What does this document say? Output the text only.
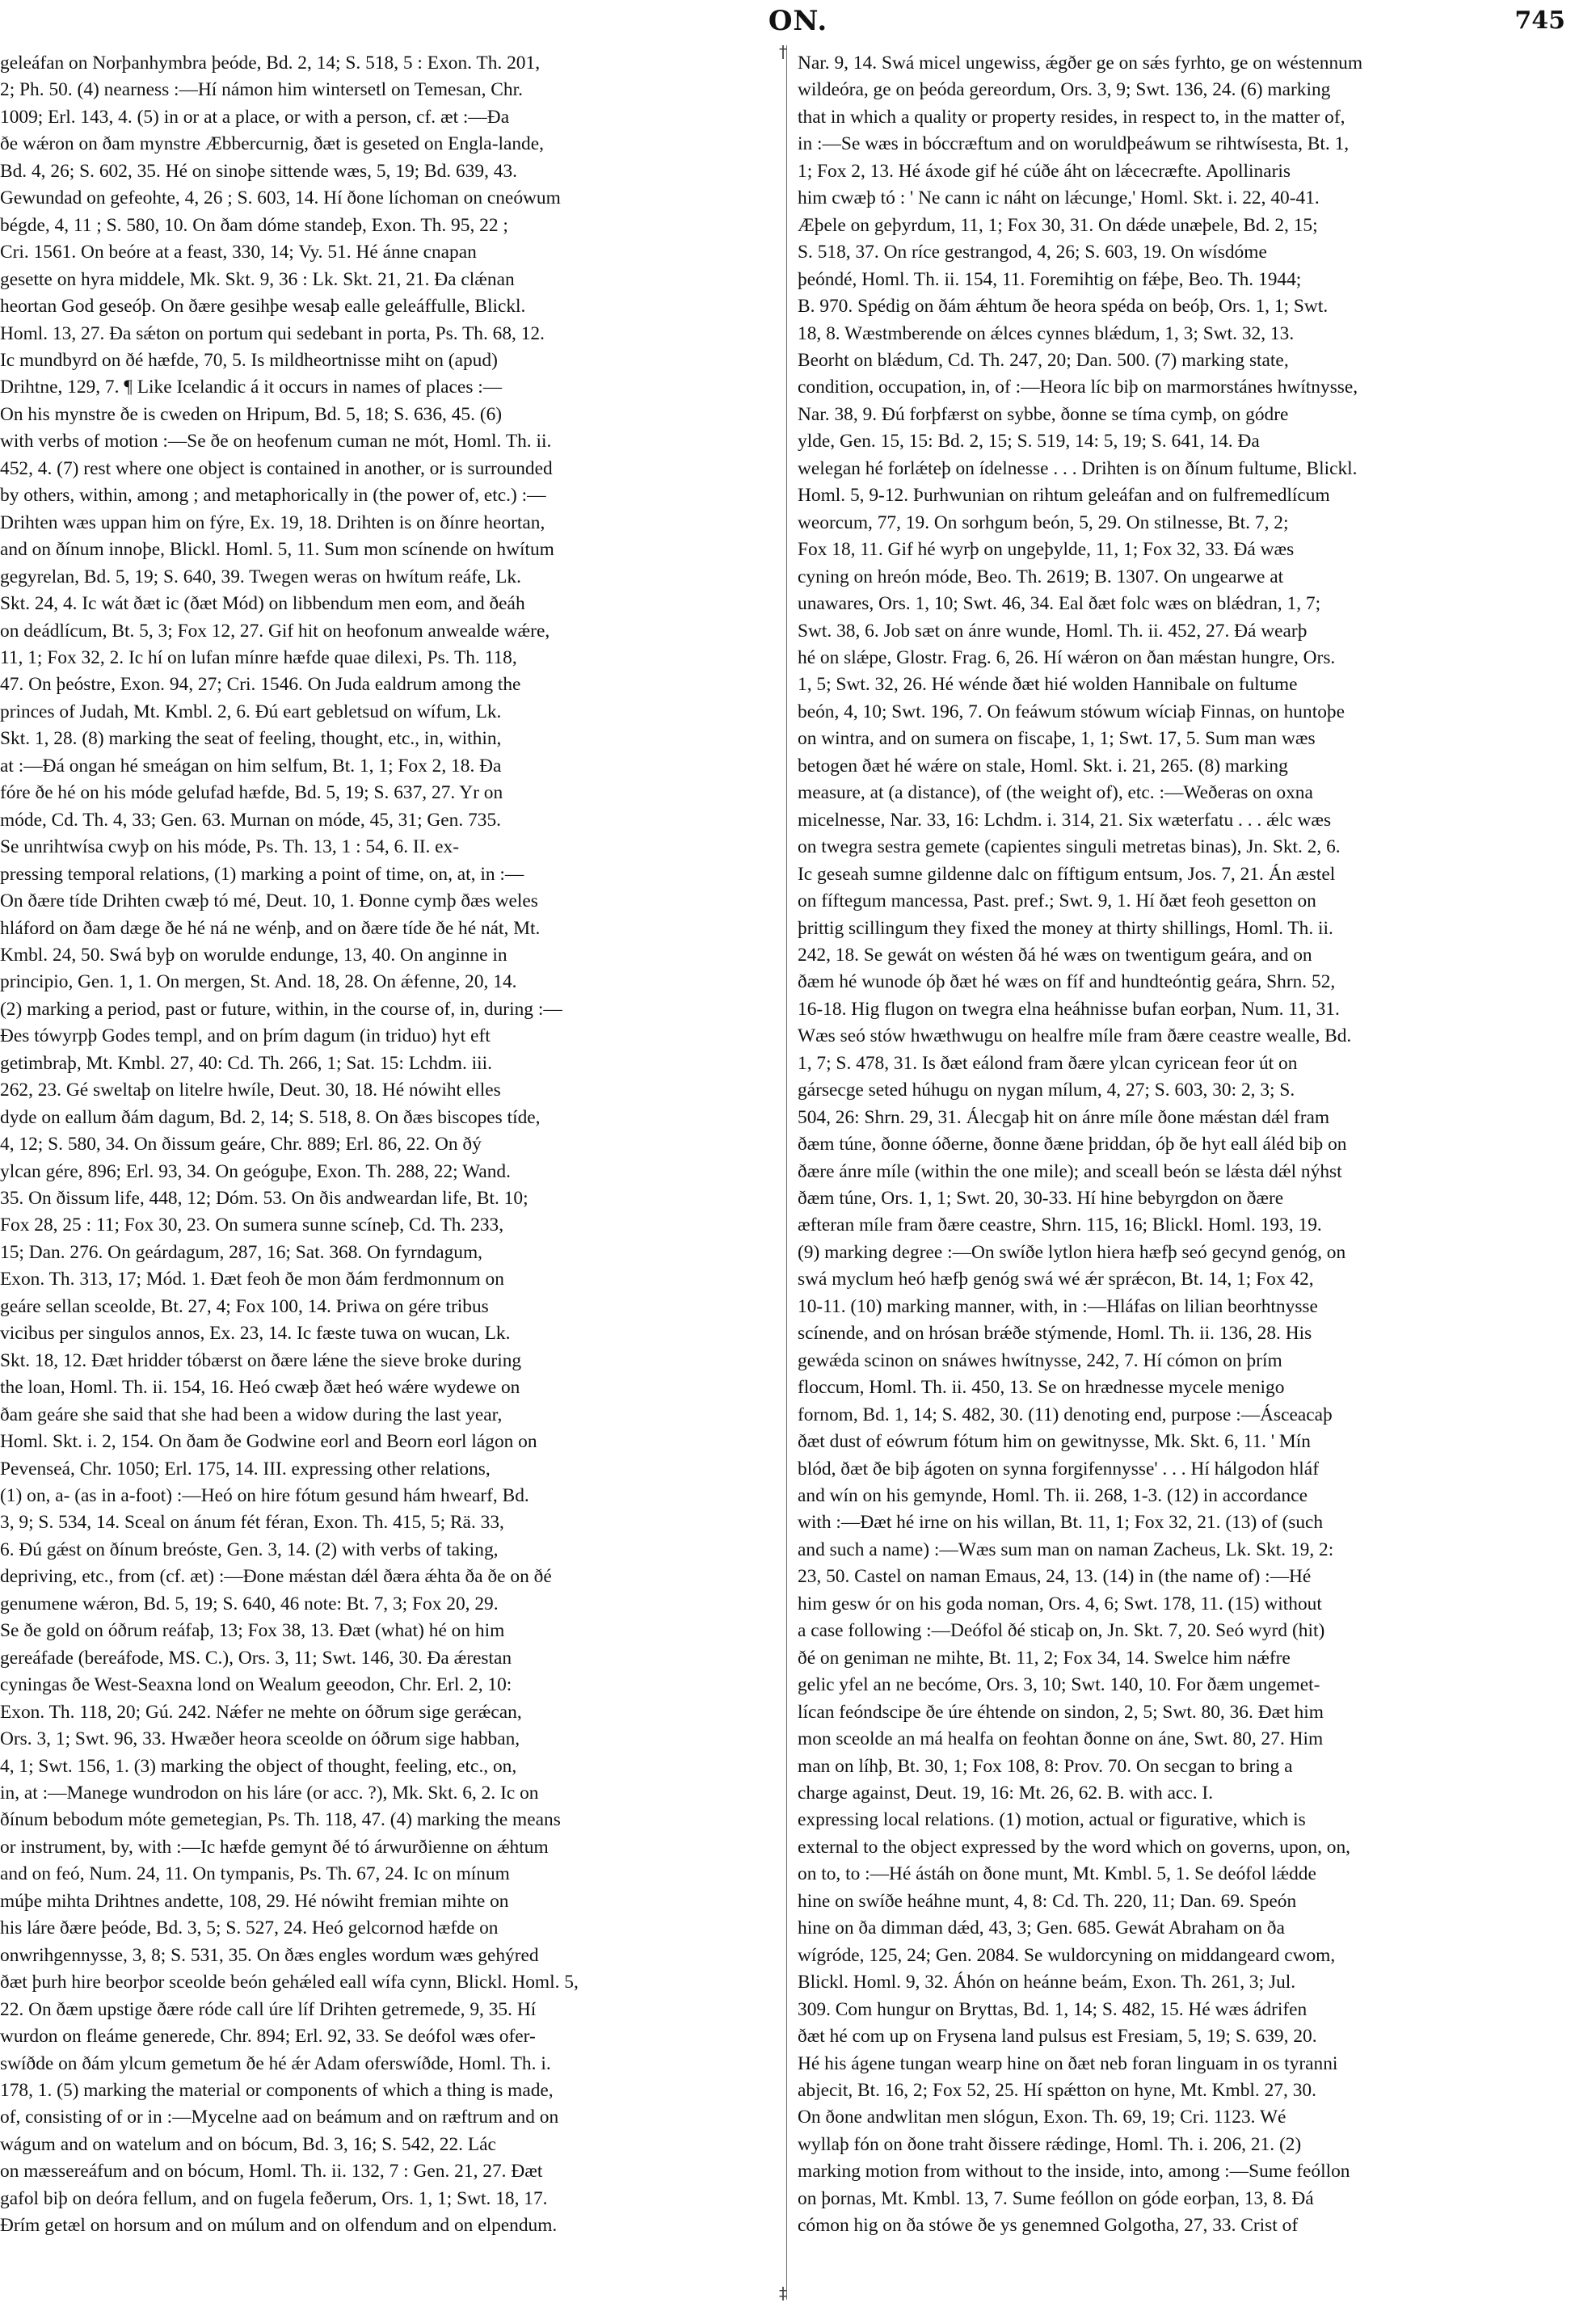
ON.	745
geleáfan on Norþanhymbra þeóde, Bd. 2, 14; S. 518, 5 : Exon. Th. 201,
2; Ph. 50. (4) nearness :—Hí námon him wintersetl on Temesan, Chr.
1009; Erl. 143, 4. (5) in or at a place, or with a person, cf. æt :—Ða
ðe wǽron on ðam mynstre Æbbercurnig, ðæt is geseted on Engla-lande,
Bd. 4, 26; S. 602, 35. Hé on sinoþe sittende wæs, 5, 19; Bd. 639, 43.
Gewundad on gefeohte, 4, 26 ; S. 603, 14. Hí ðone líchoman on cneówum
bégde, 4, 11 ; S. 580, 10. On ðam dóme standeþ, Exon. Th. 95, 22 ;
Cri. 1561. On beóre at a feast, 330, 14; Vy. 51. Hé ánne cnapan
gesette on hyra middele, Mk. Skt. 9, 36 : Lk. Skt. 21, 21. Ða clǽnan
heortan God geseóþ. On ðære gesihþe wesaþ ealle geleáffulle, Blickl.
Homl. 13, 27. Ða sǽton on portum qui sedebant in porta, Ps. Th. 68, 12.
Ic mundbyrd on ðé hæfde, 70, 5. Is mildheortnisse miht on (apud)
Drihtne, 129, 7. ¶ Like Icelandic á it occurs in names of places :—
On his mynstre ðe is cweden on Hripum, Bd. 5, 18; S. 636, 45. (6)
with verbs of motion :—Se ðe on heofenum cuman ne mót, Homl. Th. ii.
452, 4. (7) rest where one object is contained in another, or is surrounded
by others, within, among ; and metaphorically in (the power of, etc.) :—
Drihten wæs uppan him on fýre, Ex. 19, 18. Drihten is on ðínre heortan,
and on ðínum innoþe, Blickl. Homl. 5, 11. Sum mon scínende on hwítum
gegyrelan, Bd. 5, 19; S. 640, 39. Twegen weras on hwítum reáfe, Lk.
Skt. 24, 4. Ic wát ðæt ic (ðæt Mód) on libbendum men eom, and ðeáh
on deádlícum, Bt. 5, 3; Fox 12, 27. Gif hit on heofonum anwealde wǽre,
11, 1; Fox 32, 2. Ic hí on lufan mínre hæfde quae dilexi, Ps. Th. 118,
47. On þeóstre, Exon. 94, 27; Cri. 1546. On Juda ealdrum among the
princes of Judah, Mt. Kmbl. 2, 6. Ðú eart gebletsud on wífum, Lk.
Skt. 1, 28. (8) marking the seat of feeling, thought, etc., in, within,
at :—Ðá ongan hé smeágan on him selfum, Bt. 1, 1; Fox 2, 18. Ða
fóre ðe hé on his móde gelufad hæfde, Bd. 5, 19; S. 637, 27. Yr on
móde, Cd. Th. 4, 33; Gen. 63. Murnan on móde, 45, 31; Gen. 735.
Se unrihtwísa cwyþ on his móde, Ps. Th. 13, 1 : 54, 6. II. ex-
pressing temporal relations, (1) marking a point of time, on, at, in :—
On ðære tíde Drihten cwæþ tó mé, Deut. 10, 1. Ðonne cymþ ðæs weles
hláford on ðam dæge ðe hé ná ne wénþ, and on ðære tíde ðe hé nát, Mt.
Kmbl. 24, 50. Swá byþ on worulde endunge, 13, 40. On anginne in
principio, Gen. 1, 1. On mergen, St. And. 18, 28. On ǽfenne, 20, 14.
(2) marking a period, past or future, within, in the course of, in, during :—
Ðes tówyrpþ Godes templ, and on þrím dagum (in triduo) hyt eft
getimbraþ, Mt. Kmbl. 27, 40: Cd. Th. 266, 1; Sat. 15: Lchdm. iii.
262, 23. Gé sweltaþ on litelre hwíle, Deut. 30, 18. Hé nówiht elles
dyde on eallum ðám dagum, Bd. 2, 14; S. 518, 8. On ðæs biscopes tíde,
4, 12; S. 580, 34. On ðissum geáre, Chr. 889; Erl. 86, 22. On ðý
ylcan gére, 896; Erl. 93, 34. On geóguþe, Exon. Th. 288, 22; Wand.
35. On ðissum life, 448, 12; Dóm. 53. On ðis andweardan life, Bt. 10;
Fox 28, 25 : 11; Fox 30, 23. On sumera sunne scíneþ, Cd. Th. 233,
15; Dan. 276. On geárdagum, 287, 16; Sat. 368. On fyrndagum,
Exon. Th. 313, 17; Mód. 1. Ðæt feoh ðe mon ðám ferdmonnum on
geáre sellan sceolde, Bt. 27, 4; Fox 100, 14. Þriwa on gére tribus
vicibus per singulos annos, Ex. 23, 14. Ic fæste tuwa on wucan, Lk.
Skt. 18, 12. Ðæt hridder tóbærst on ðære lǽne the sieve broke during
the loan, Homl. Th. ii. 154, 16. Heó cwæþ ðæt heó wǽre wydewe on
ðam geáre she said that she had been a widow during the last year,
Homl. Skt. i. 2, 154. On ðam ðe Godwine eorl and Beorn eorl lágon on
Pevenseá, Chr. 1050; Erl. 175, 14. III. expressing other relations,
(1) on, a- (as in a-foot) :—Heó on hire fótum gesund hám hwearf, Bd.
3, 9; S. 534, 14. Sceal on ánum fét féran, Exon. Th. 415, 5; Rä. 33,
6. Ðú gǽst on ðínum breóste, Gen. 3, 14. (2) with verbs of taking,
depriving, etc., from (cf. æt) :—Ðone mǽstan dǽl ðæra ǽhta ða ðe on ðé
genumene wǽron, Bd. 5, 19; S. 640, 46 note: Bt. 7, 3; Fox 20, 29.
Se ðe gold on óðrum reáfaþ, 13; Fox 38, 13. Ðæt (what) hé on him
gereáfade (bereáfode, MS. C.), Ors. 3, 11; Swt. 146, 30. Ða ǽrestan
cyningas ðe West-Seaxna lond on Wealum geeodon, Chr. Erl. 2, 10:
Exon. Th. 118, 20; Gú. 242. Nǽfer ne mehte on óðrum sige gerǽcan,
Ors. 3, 1; Swt. 96, 33. Hwæðer heora sceolde on óðrum sige habban,
4, 1; Swt. 156, 1. (3) marking the object of thought, feeling, etc., on,
in, at :—Manege wundrodon on his láre (or acc. ?), Mk. Skt. 6, 2. Ic on
ðínum bebodum móte gemetegian, Ps. Th. 118, 47. (4) marking the means
or instrument, by, with :—Ic hæfde gemynt ðé tó árwurðienne on ǽhtum
and on feó, Num. 24, 11. On tympanis, Ps. Th. 67, 24. Ic on mínum
múþe mihta Drihtnes andette, 108, 29. Hé nówiht fremian mihte on
his láre ðære þeóde, Bd. 3, 5; S. 527, 24. Heó gelcornod hæfde on
onwrihgennysse, 3, 8; S. 531, 35. On ðæs engles wordum wæs gehýred
ðæt þurh hire beorþor sceolde beón gehǽled eall wífa cynn, Blickl. Homl. 5,
22. On ðæm upstige ðære róde call úre líf Drihten getremede, 9, 35. Hí
wurdon on fleáme generede, Chr. 894; Erl. 92, 33. Se deófol wæs ofer-
swíðde on ðám ylcum gemetum ðe hé ǽr Adam oferswíðde, Homl. Th. i.
178, 1. (5) marking the material or components of which a thing is made,
of, consisting of or in :—Mycelne aad on beámum and on ræftrum and on
wágum and on watelum and on bócum, Bd. 3, 16; S. 542, 22. Lác
on mæssereáfum and on bócum, Homl. Th. ii. 132, 7 : Gen. 21, 27. Ðæt
gafol biþ on deóra fellum, and on fugela feðerum, Ors. 1, 1; Swt. 18, 17.
Ðrím getæl on horsum and on múlum and on olfendum and on elpendum.
†
‡
Nar. 9, 14. Swá micel ungewiss, ǽgðer ge on sǽs fyrhto, ge on wéstennum
wildeóra, ge on þeóda gereordum, Ors. 3, 9; Swt. 136, 24. (6) marking
that in which a quality or property resides, in respect to, in the matter of,
in :—Se wæs in bóccræftum and on woruldþeáwum se rihtwísesta, Bt. 1,
1; Fox 2, 13. Hé áxode gif hé cúðe áht on lǽcecræfte. Apollinaris
him cwæþ tó : ' Ne cann ic náht on lǽcunge,' Homl. Skt. i. 22, 40-41.
Æþele on geþyrdum, 11, 1; Fox 30, 31. On dǽde unæþele, Bd. 2, 15;
S. 518, 37. On ríce gestrangod, 4, 26; S. 603, 19. On wísdóme
þeóndé, Homl. Th. ii. 154, 11. Foremihtig on fǽþe, Beo. Th. 1944;
B. 970. Spédig on ðám ǽhtum ðe heora spéda on beóþ, Ors. 1, 1; Swt.
18, 8. Wæstmberende on ǽlces cynnes blǽdum, 1, 3; Swt. 32, 13.
Beorht on blǽdum, Cd. Th. 247, 20; Dan. 500. (7) marking state,
condition, occupation, in, of :—Heora líc biþ on marmorstánes hwítnysse,
Nar. 38, 9. Ðú forþfærst on sybbe, ðonne se tíma cymþ, on gódre
ylde, Gen. 15, 15: Bd. 2, 15; S. 519, 14: 5, 19; S. 641, 14. Ða
welegan hé forlǽteþ on ídelnesse . . . Drihten is on ðínum fultume, Blickl.
Homl. 5, 9-12. Þurhwunian on rihtum geleáfan and on fulfremedlícum
weorcum, 77, 19. On sorhgum beón, 5, 29. On stilnesse, Bt. 7, 2;
Fox 18, 11. Gif hé wyrþ on ungeþylde, 11, 1; Fox 32, 33. Ðá wæs
cyning on hreón móde, Beo. Th. 2619; B. 1307. On ungearwe at
unawares, Ors. 1, 10; Swt. 46, 34. Eal ðæt folc wæs on blǽdran, 1, 7;
Swt. 38, 6. Job sæt on ánre wunde, Homl. Th. ii. 452, 27. Ðá wearþ
hé on slǽpe, Glostr. Frag. 6, 26. Hí wǽron on ðan mǽstan hungre, Ors.
1, 5; Swt. 32, 26. Hé wénde ðæt hié wolden Hannibale on fultume
beón, 4, 10; Swt. 196, 7. On feáwum stówum wíciaþ Finnas, on huntoþe
on wintra, and on sumera on fiscaþe, 1, 1; Swt. 17, 5. Sum man wæs
betogen ðæt hé wǽre on stale, Homl. Skt. i. 21, 265. (8) marking
measure, at (a distance), of (the weight of), etc. :—Weðeras on oxna
micelnesse, Nar. 33, 16: Lchdm. i. 314, 21. Six wæterfatu . . . ǽlc wæs
on twegra sestra gemete (capientes singuli metretas binas), Jn. Skt. 2, 6.
Ic geseah sumne gildenne dalc on fíftigum entsum, Jos. 7, 21. Án æstel
on fíftegum mancessa, Past. pref.; Swt. 9, 1. Hí ðæt feoh gesetton on
þrittig scillingum they fixed the money at thirty shillings, Homl. Th. ii.
242, 18. Se gewát on wésten ðá hé wæs on twentigum geára, and on
ðæm hé wunode óþ ðæt hé wæs on fíf and hundteóntig geára, Shrn. 52,
16-18. Hig flugon on twegra elna heáhnisse bufan eorþan, Num. 11, 31.
Wæs seó stów hwæthwugu on healfre míle fram ðære ceastre wealle, Bd.
1, 7; S. 478, 31. Is ðæt eálond fram ðære ylcan cyricean feor út on
gársecge seted húhugu on nygan mílum, 4, 27; S. 603, 30: 2, 3; S.
504, 26: Shrn. 29, 31. Álecgaþ hit on ánre míle ðone mǽstan dǽl fram
ðæm túne, ðonne óðerne, ðonne ðæne þriddan, óþ ðe hyt eall áléd biþ on
ðære ánre míle (within the one mile); and sceall beón se lǽsta dǽl nýhst
ðæm túne, Ors. 1, 1; Swt. 20, 30-33. Hí hine bebyrgdon on ðære
æfteran míle fram ðære ceastre, Shrn. 115, 16; Blickl. Homl. 193, 19.
(9) marking degree :—On swíðe lytlon hiera hæfþ seó gecynd genóg, on
swá myclum heó hæfþ genóg swá wé ǽr sprǽcon, Bt. 14, 1; Fox 42,
10-11. (10) marking manner, with, in :—Hláfas on lilian beorhtnysse
scínende, and on hrósan brǽðe stýmende, Homl. Th. ii. 136, 28. His
gewǽda scinon on snáwes hwítnysse, 242, 7. Hí cómon on þrím
floccum, Homl. Th. ii. 450, 13. Se on hrædnesse mycele menigo
fornom, Bd. 1, 14; S. 482, 30. (11) denoting end, purpose :—Ásceacaþ
ðæt dust of eówrum fótum him on gewitnysse, Mk. Skt. 6, 11. ' Mín
blód, ðæt ðe biþ ágoten on synna forgifennysse' . . . Hí hálgodon hláf
and wín on his gemynde, Homl. Th. ii. 268, 1-3. (12) in accordance
with :—Ðæt hé irne on his willan, Bt. 11, 1; Fox 32, 21. (13) of (such
and such a name) :—Wæs sum man on naman Zacheus, Lk. Skt. 19, 2:
23, 50. Castel on naman Emaus, 24, 13. (14) in (the name of) :—Hé
him gesw ór on his goda noman, Ors. 4, 6; Swt. 178, 11. (15) without
a case following :—Deófol ðé sticaþ on, Jn. Skt. 7, 20. Seó wyrd (hit)
ðé on geniman ne mihte, Bt. 11, 2; Fox 34, 14. Swelce him nǽfre
gelic yfel an ne becóme, Ors. 3, 10; Swt. 140, 10. For ðæm ungemet-
lícan feóndscipe ðe úre éhtende on sindon, 2, 5; Swt. 80, 36. Ðæt him
mon sceolde an má healfa on feohtan ðonne on áne, Swt. 80, 27. Him
man on líhþ, Bt. 30, 1; Fox 108, 8: Prov. 70. On secgan to bring a
charge against, Deut. 19, 16: Mt. 26, 62. B. with acc. I.
expressing local relations. (1) motion, actual or figurative, which is
external to the object expressed by the word which on governs, upon, on,
on to, to :—Hé ástáh on ðone munt, Mt. Kmbl. 5, 1. Se deófol lǽdde
hine on swíðe heáhne munt, 4, 8: Cd. Th. 220, 11; Dan. 69. Speón
hine on ða dimman dǽd, 43, 3; Gen. 685. Gewát Abraham on ða
wígróde, 125, 24; Gen. 2084. Se wuldorcyning on middangeard cwom,
Blickl. Homl. 9, 32. Áhón on heánne beám, Exon. Th. 261, 3; Jul.
309. Com hungur on Bryttas, Bd. 1, 14; S. 482, 15. Hé wæs ádrifen
ðæt hé com up on Frysena land pulsus est Fresiam, 5, 19; S. 639, 20.
Hé his ágene tungan wearp hine on ðæt neb foran linguam in os tyranni
abjecit, Bt. 16, 2; Fox 52, 25. Hí spǽtton on hyne, Mt. Kmbl. 27, 30.
On ðone andwlitan men slógun, Exon. Th. 69, 19; Cri. 1123. Wé
wyllaþ fón on ðone traht ðissere rǽdinge, Homl. Th. i. 206, 21. (2)
marking motion from without to the inside, into, among :—Sume feóllon
on þornas, Mt. Kmbl. 13, 7. Sume feóllon on góde eorþan, 13, 8. Ðá
cómon hig on ða stówe ðe ys genemned Golgotha, 27, 33. Crist of
